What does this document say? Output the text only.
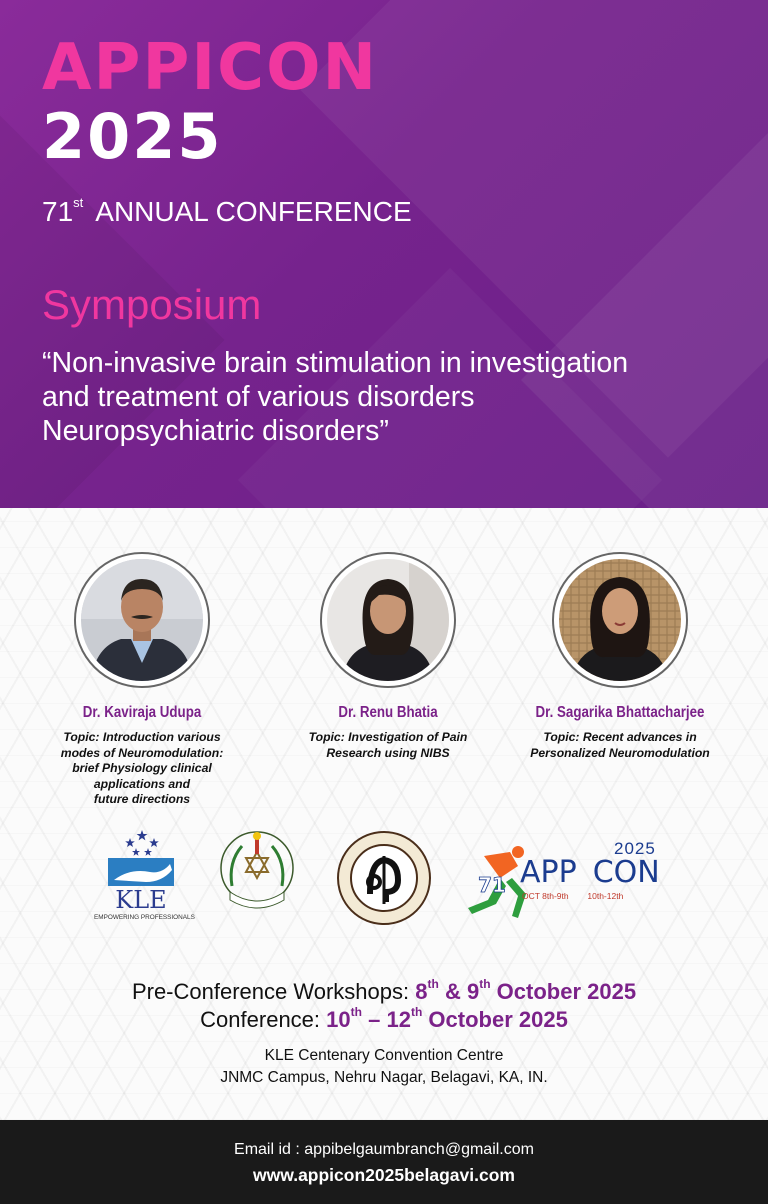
APPICON
2025
71st ANNUAL CONFERENCE
Symposium
“Non-invasive brain stimulation in investigation
and treatment of various disorders
Neuropsychiatric disorders”
Dr. Kaviraja Udupa
Topic: Introduction various
modes of Neuromodulation:
brief Physiology clinical
applications and
future directions
Dr. Renu Bhatia
Topic: Investigation of Pain
Research using NIBS
Dr. Sagarika Bhattacharjee
Topic: Recent advances in
Personalized Neuromodulation
KLE
EMPOWERING PROFESSIONALS
71
2025
APP CON
OCT 8th-9th 10th-12th
Pre-Conference Workshops: 8th & 9th October 2025
Conference: 10th – 12th October 2025
KLE Centenary Convention Centre
JNMC Campus, Nehru Nagar, Belagavi, KA, IN.
Email id : appibelgaumbranch@gmail.com
www.appicon2025belagavi.com
